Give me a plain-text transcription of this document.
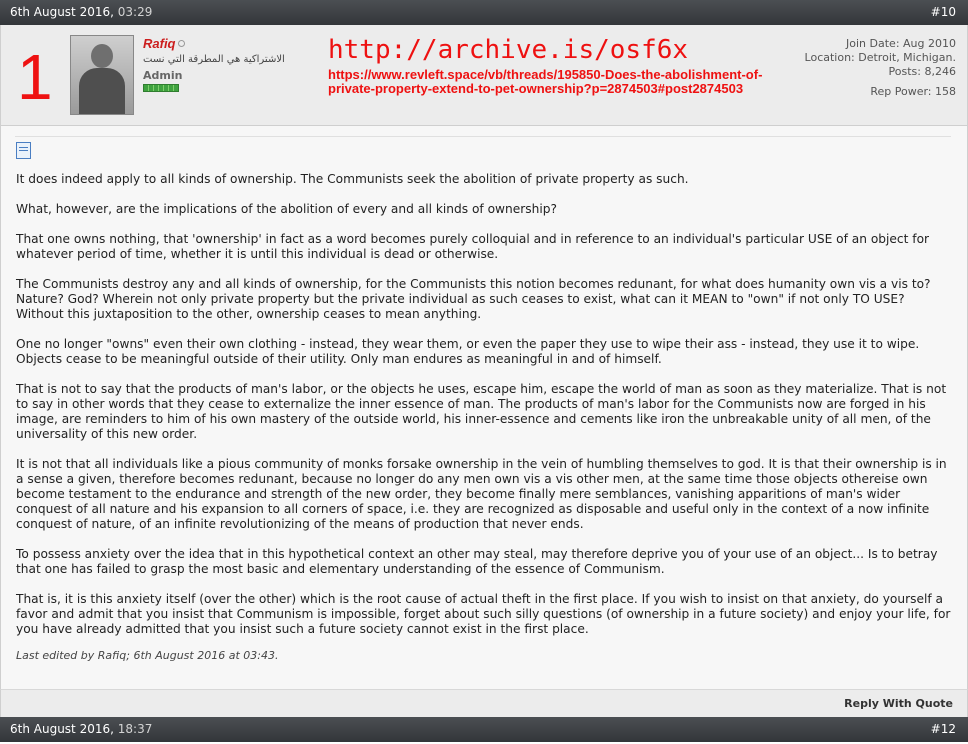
6th August 2016, 03:29	#10
1	Rafiq
الاشتراكية هي المطرقة التي نست
Admin
http://archive.is/osf6x
https://www.revleft.space/vb/threads/195850-Does-the-abolishment-of-private-property-extend-to-pet-ownership?p=2874503#post2874503
Join Date: Aug 2010
Location: Detroit, Michigan.
Posts: 8,246
Rep Power: 158

It does indeed apply to all kinds of ownership. The Communists seek the abolition of private property as such.

What, however, are the implications of the abolition of every and all kinds of ownership?

That one owns nothing, that 'ownership' in fact as a word becomes purely colloquial and in reference to an individual's particular USE of an object for whatever period of time, whether it is until this individual is dead or otherwise.

The Communists destroy any and all kinds of ownership, for the Communists this notion becomes redunant, for what does humanity own vis a vis to? Nature? God? Wherein not only private property but the private individual as such ceases to exist, what can it MEAN to "own" if not only TO USE? Without this juxtaposition to the other, ownership ceases to mean anything.

One no longer "owns" even their own clothing - instead, they wear them, or even the paper they use to wipe their ass - instead, they use it to wipe. Objects cease to be meaningful outside of their utility. Only man endures as meaningful in and of himself.

That is not to say that the products of man's labor, or the objects he uses, escape him, escape the world of man as soon as they materialize. That is not to say in other words that they cease to externalize the inner essence of man. The products of man's labor for the Communists now are forged in his image, are reminders to him of his own mastery of the outside world, his inner-essence and cements like iron the unbreakable unity of all men, of the universality of this new order.

It is not that all individuals like a pious community of monks forsake ownership in the vein of humbling themselves to god. It is that their ownership is in a sense a given, therefore becomes redunant, because no longer do any men own vis a vis other men, at the same time those objects othereise own become testament to the endurance and strength of the new order, they become finally mere semblances, vanishing apparitions of man's wider conquest of all nature and his expansion to all corners of space, i.e. they are recognized as disposable and useful only in the context of a now infinite conquest of nature, of an infinite revolutionizing of the means of production that never ends.

To possess anxiety over the idea that in this hypothetical context an other may steal, may therefore deprive you of your use of an object... Is to betray that one has failed to grasp the most basic and elementary understanding of the essence of Communism.

That is, it is this anxiety itself (over the other) which is the root cause of actual theft in the first place. If you wish to insist on that anxiety, do yourself a favor and admit that you insist that Communism is impossible, forget about such silly questions (of ownership in a future society) and enjoy your life, for you have already admitted that you insist such a future society cannot exist in the first place.

Last edited by Rafiq; 6th August 2016 at 03:43.
Reply With Quote
6th August 2016, 18:37	#12
